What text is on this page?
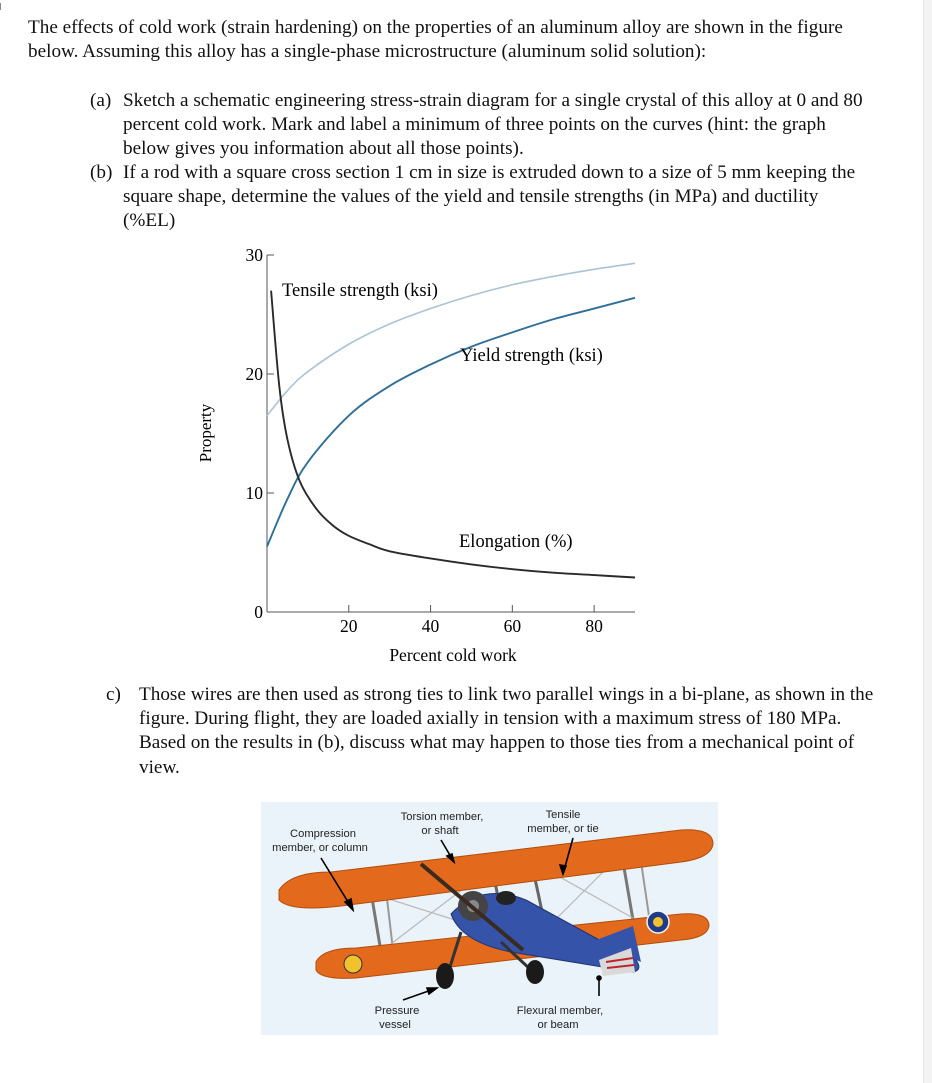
The effects of cold work (strain hardening) on the properties of an aluminum alloy are shown in the figure below. Assuming this alloy has a single-phase microstructure (aluminum solid solution):
(a) Sketch a schematic engineering stress-strain diagram for a single crystal of this alloy at 0 and 80 percent cold work. Mark and label a minimum of three points on the curves (hint: the graph below gives you information about all those points).
(b) If a rod with a square cross section 1 cm in size is extruded down to a size of 5 mm keeping the square shape, determine the values of the yield and tensile strengths (in MPa) and ductility (%EL)
20	40	60	80
0
10
20
30
Property
Percent cold work
Tensile strength (ksi)
Yield strength (ksi)
Elongation (%)
c) Those wires are then used as strong ties to link two parallel wings in a bi-plane, as shown in the figure. During flight, they are loaded axially in tension with a maximum stress of 180 MPa. Based on the results in (b), discuss what may happen to those ties from a mechanical point of view.
Compression
member, or column
Torsion member,
or shaft
Tensile
member, or tie
Pressure
vessel
Flexural member,
or beam
